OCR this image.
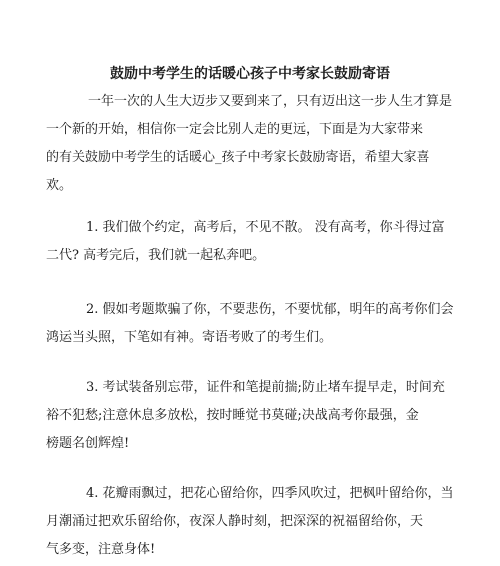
鼓励中考学生的话暖心孩子中考家长鼓励寄语

一年一次的人生大迈步又要到来了，只有迈出这一步人生才算是
一个新的开始，相信你一定会比别人走的更远，下面是为大家带来
的有关鼓励中考学生的话暖心_孩子中考家长鼓励寄语，希望大家喜
欢。

1. 我们做个约定，高考后，不见不散。 没有高考，你斗得过富
二代? 高考完后，我们就一起私奔吧。

2. 假如考题欺骗了你，不要悲伤，不要忧郁，明年的高考你们会
鸿运当头照，下笔如有神。寄语考败了的考生们。

3. 考试装备别忘带，证件和笔提前揣;防止堵车提早走，时间充
裕不犯愁;注意休息多放松，按时睡觉书莫碰;决战高考你最强，金
榜题名创辉煌!

4. 花瓣雨飘过，把花心留给你，四季风吹过，把枫叶留给你，当
月潮涌过把欢乐留给你，夜深人静时刻，把深深的祝福留给你，天
气多变，注意身体!
